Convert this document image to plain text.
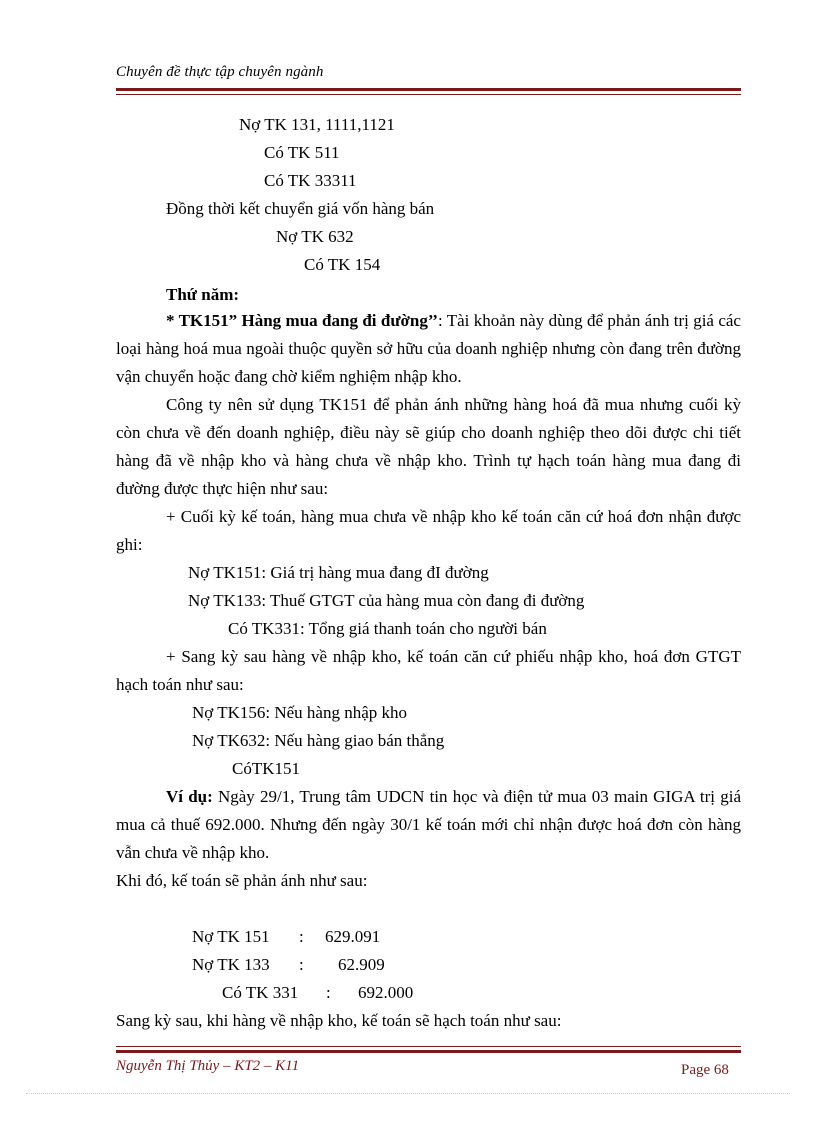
Chuyên đề thực tập chuyên ngành
Nợ TK 131, 1111,1121
Có TK 511
Có TK 33311
Đồng thời kết chuyển giá vốn hàng bán
Nợ TK 632
Có TK 154
Thứ năm:
* TK151” Hàng mua đang đi đường’’: Tài khoản này dùng để phản ánh trị giá các loại hàng hoá mua ngoài thuộc quyền sở hữu của doanh nghiệp nhưng còn đang trên đường vận chuyển hoặc đang chờ kiểm nghiệm nhập kho.
Công ty nên sử dụng TK151 để phản ánh những hàng hoá đã mua nhưng cuối kỳ còn chưa về đến doanh nghiệp, điều này sẽ giúp cho doanh nghiệp theo dõi được chi tiết hàng đã về nhập kho và hàng chưa về nhập kho. Trình tự hạch toán hàng mua đang đi đường được thực hiện như sau:
+ Cuối kỳ kế toán, hàng mua chưa về nhập kho kế toán căn cứ hoá đơn nhận được ghi:
Nợ TK151: Giá trị hàng mua đang đI đường
Nợ TK133: Thuế GTGT của hàng mua còn đang đi đường
Có TK331: Tổng giá thanh toán cho người bán
+ Sang kỳ sau hàng về nhập kho, kế toán căn cứ phiếu nhập kho, hoá đơn GTGT hạch toán như sau:
Nợ TK156: Nếu hàng nhập kho
Nợ TK632: Nếu hàng giao bán thẳng
CóTK151
Ví dụ: Ngày 29/1, Trung tâm UDCN tin học và điện tử mua 03 main GIGA trị giá mua cả thuế 692.000. Nhưng đến ngày 30/1 kế toán mới chỉ nhận được hoá đơn còn hàng vẫn chưa về nhập kho.
Khi đó, kế toán sẽ phản ánh như sau:
Nợ TK 151 : 629.091
Nợ TK 133 : 62.909
Có TK 331 : 692.000
Sang kỳ sau, khi hàng về nhập kho, kế toán sẽ hạch toán như sau:
Nguyễn Thị Thủy – KT2 – K11	Page 68
